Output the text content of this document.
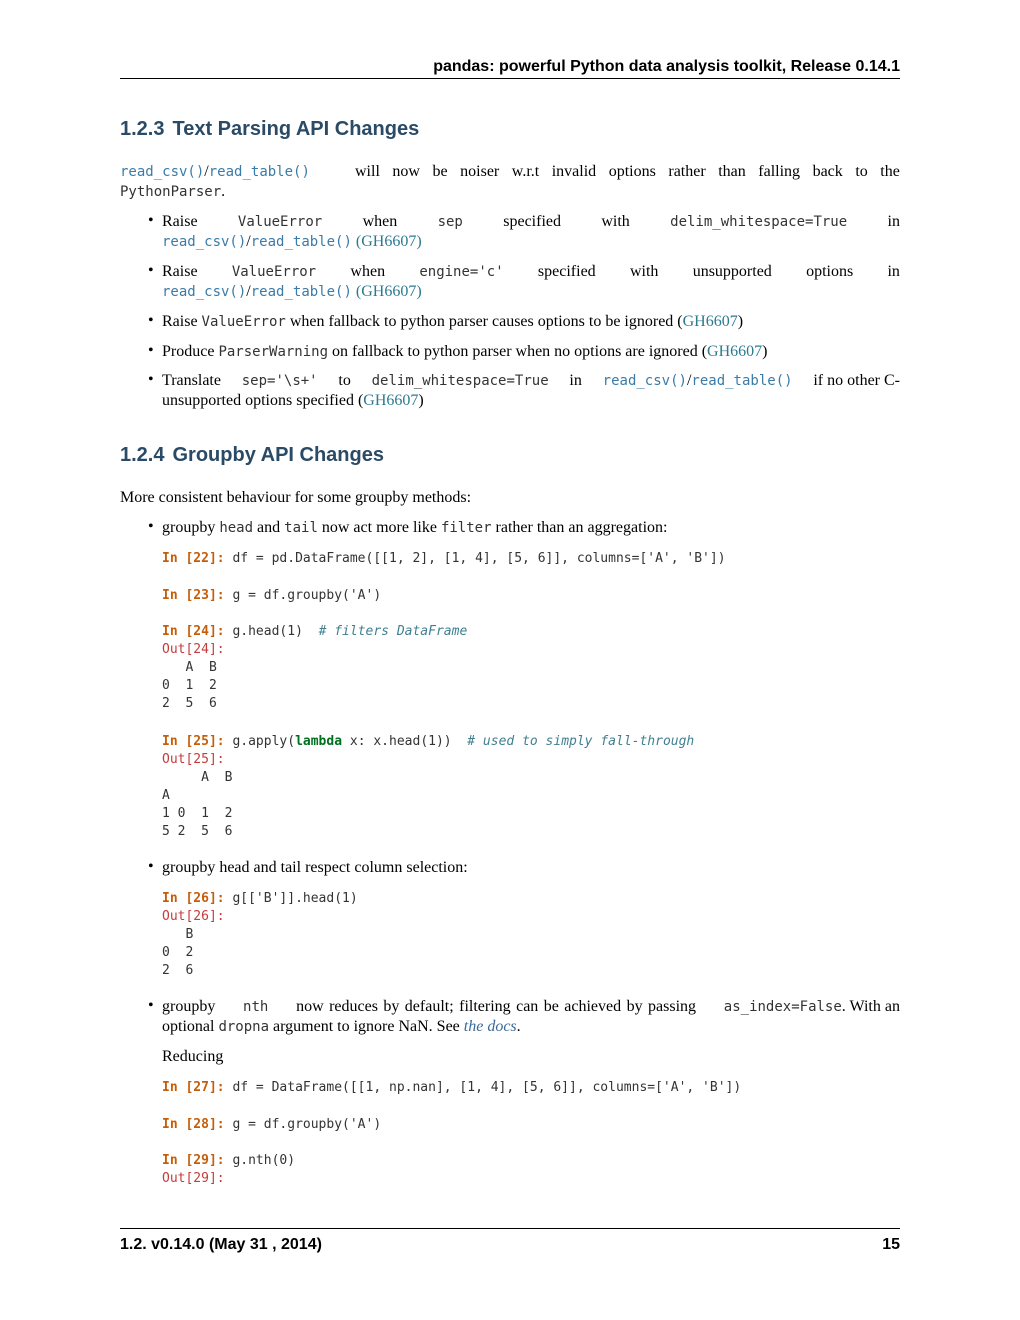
pandas: powerful Python data analysis toolkit, Release 0.14.1
1.2.3 Text Parsing API Changes
read_csv()/read_table()	will now be noiser w.r.t invalid options rather than falling back to the
PythonParser.
• Raise	ValueError	when	sep	specified	with	delim_whitespace=True	in
read_csv()/read_table() (GH6607)
• Raise ValueError when engine='c' specified with unsupported options in
read_csv()/read_table() (GH6607)
• Raise ValueError when fallback to python parser causes options to be ignored (GH6607)
• Produce ParserWarning on fallback to python parser when no options are ignored (GH6607)
• Translate sep='\s+' to delim_whitespace=True in read_csv()/read_table() if no other C-
unsupported options specified (GH6607)
1.2.4 Groupby API Changes
More consistent behaviour for some groupby methods:
• groupby head and tail now act more like filter rather than an aggregation:
In [22]: df = pd.DataFrame([[1, 2], [1, 4], [5, 6]], columns=['A', 'B'])
In [23]: g = df.groupby('A')
In [24]: g.head(1) # filters DataFrame
Out[24]:
A  B
0  1  2
2  5  6
In [25]: g.apply(lambda x: x.head(1)) # used to simply fall-through
Out[25]:
A  B
A
1 0  1  2
5 2  5  6
• groupby head and tail respect column selection:
In [26]: g[['B']].head(1)
Out[26]:
B
0  2
2  6
• groupby nth now reduces by default; filtering can be achieved by passing as_index=False. With an
optional dropna argument to ignore NaN. See the docs.
Reducing
In [27]: df = DataFrame([[1, np.nan], [1, 4], [5, 6]], columns=['A', 'B'])
In [28]: g = df.groupby('A')
In [29]: g.nth(0)
Out[29]:
1.2. v0.14.0 (May 31 , 2014)	15
